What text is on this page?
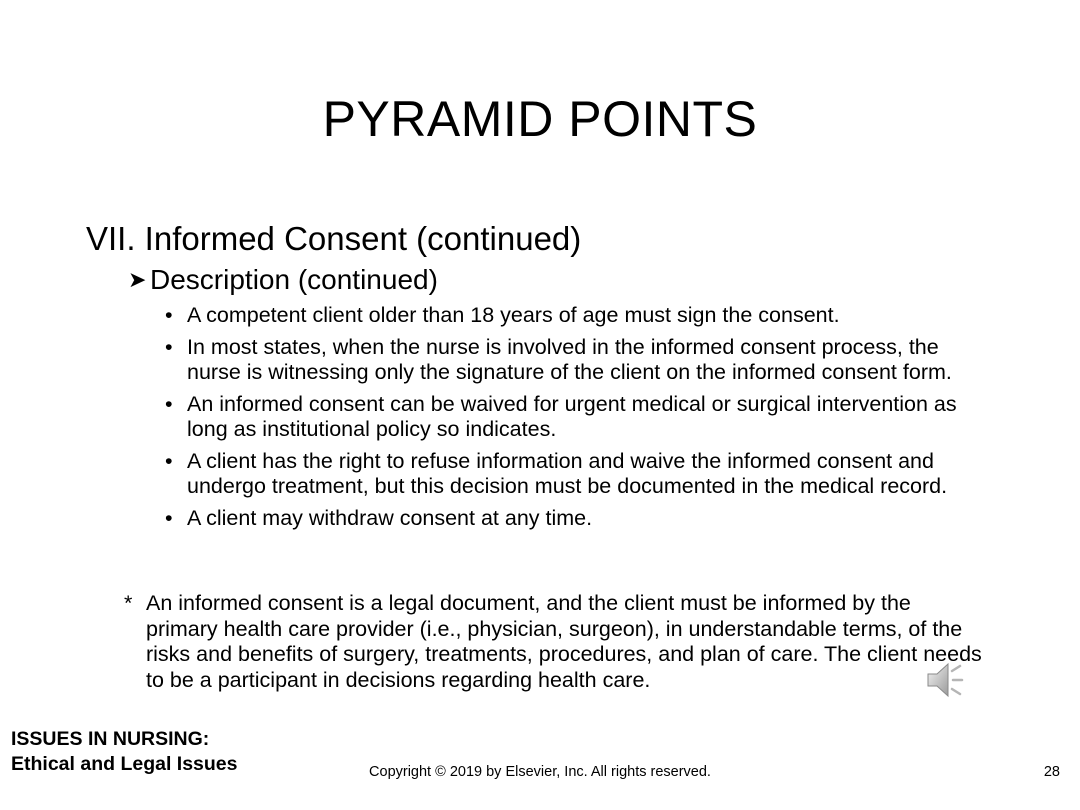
PYRAMID POINTS
VII. Informed Consent (continued)
➤ Description (continued)
• A competent client older than 18 years of age must sign the consent.
• In most states, when the nurse is involved in the informed consent process, the nurse is witnessing only the signature of the client on the informed consent form.
• An informed consent can be waived for urgent medical or surgical intervention as long as institutional policy so indicates.
• A client has the right to refuse information and waive the informed consent and undergo treatment, but this decision must be documented in the medical record.
• A client may withdraw consent at any time.
* An informed consent is a legal document, and the client must be informed by the primary health care provider (i.e., physician, surgeon), in understandable terms, of the risks and benefits of surgery, treatments, procedures, and plan of care. The client needs to be a participant in decisions regarding health care.
ISSUES IN NURSING:
Ethical and Legal Issues	Copyright © 2019 by Elsevier, Inc. All rights reserved.	28
